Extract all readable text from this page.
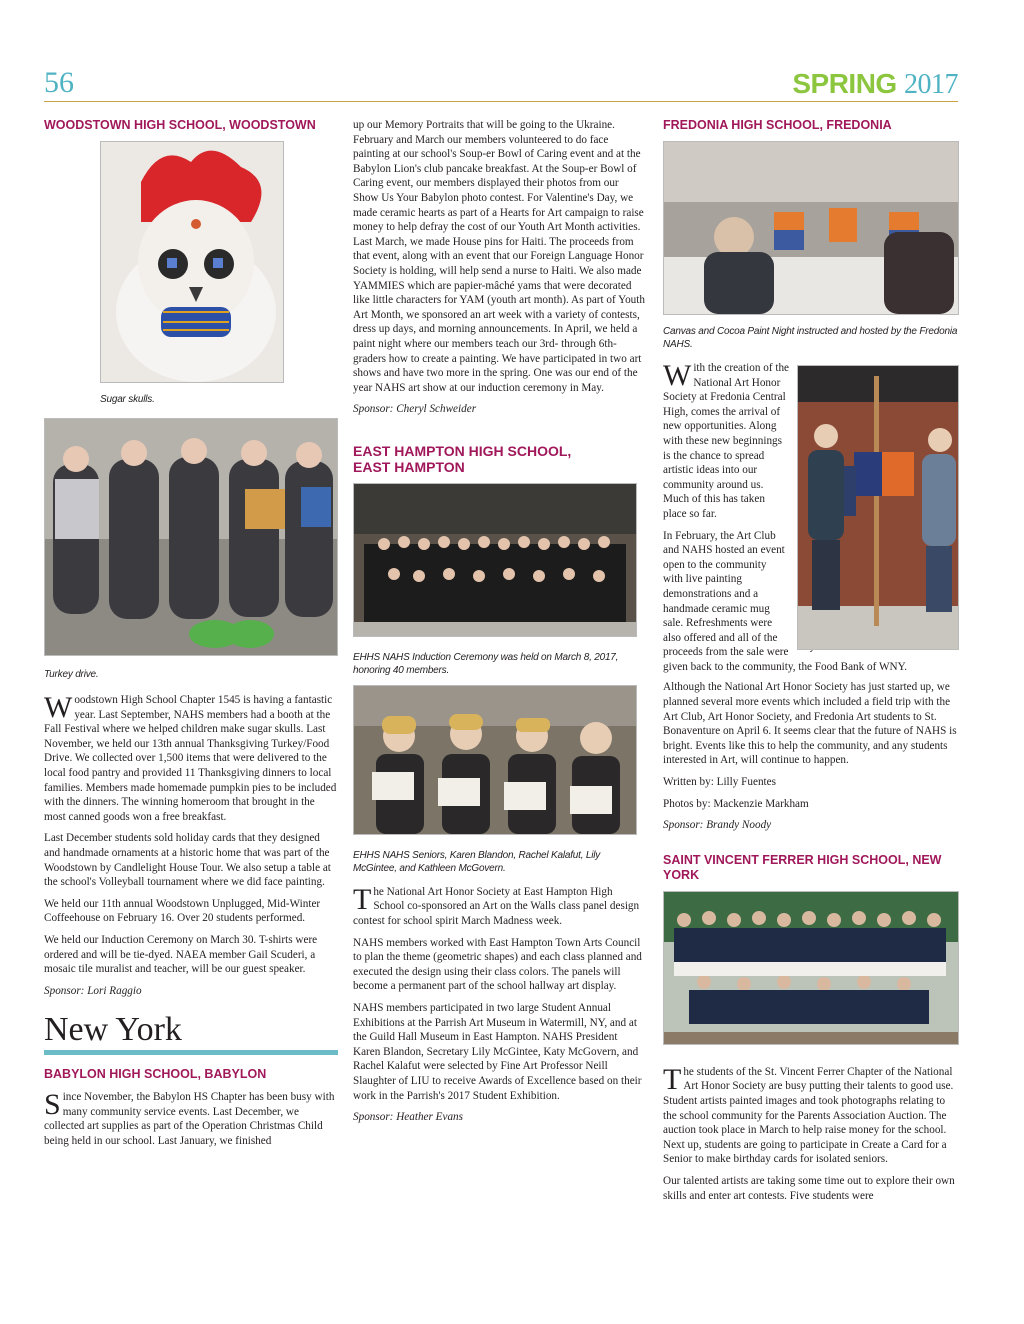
56	SPRING 2017
WOODSTOWN HIGH SCHOOL, WOODSTOWN
Sugar skulls.
Turkey drive.

Woodstown High School Chapter 1545 is having a fantastic year. Last September, NAHS members had a booth at the Fall Festival where we helped children make sugar skulls. Last November, we held our 13th annual Thanksgiving Turkey/Food Drive. We collected over 1,500 items that were delivered to the local food pantry and provided 11 Thanksgiving dinners to local families. Members made homemade pumpkin pies to be included with the dinners. The winning homeroom that brought in the most canned goods won a free breakfast.

Last December students sold holiday cards that they designed and handmade ornaments at a historic home that was part of the Woodstown by Candlelight House Tour. We also setup a table at the school's Volleyball tournament where we did face painting.

We held our 11th annual Woodstown Unplugged, Mid-Winter Coffeehouse on February 16. Over 20 students performed.

We held our Induction Ceremony on March 30. T-shirts were ordered and will be tie-dyed. NAEA member Gail Scuderi, a mosaic tile muralist and teacher, will be our guest speaker.

Sponsor: Lori Raggio

New York
BABYLON HIGH SCHOOL, BABYLON

Since November, the Babylon HS Chapter has been busy with many community service events. Last December, we collected art supplies as part of the Operation Christmas Child being held in our school. Last January, we finished

up our Memory Portraits that will be going to the Ukraine. February and March our members volunteered to do face painting at our school's Soup-er Bowl of Caring event and at the Babylon Lion's club pancake breakfast. At the Soup-er Bowl of Caring event, our members displayed their photos from our Show Us Your Babylon photo contest. For Valentine's Day, we made ceramic hearts as part of a Hearts for Art campaign to raise money to help defray the cost of our Youth Art Month activities. Last March, we made House pins for Haiti. The proceeds from that event, along with an event that our Foreign Language Honor Society is holding, will help send a nurse to Haiti. We also made YAMMIES which are papier-mâché yams that were decorated like little characters for YAM (youth art month). As part of Youth Art Month, we sponsored an art week with a variety of contests, dress up days, and morning announcements. In April, we held a paint night where our members teach our 3rd- through 6th-graders how to create a painting. We have participated in two art shows and have two more in the spring. One was our end of the year NAHS art show at our induction ceremony in May.

Sponsor: Cheryl Schweider

EAST HAMPTON HIGH SCHOOL,
EAST HAMPTON
EHHS NAHS Induction Ceremony was held on March 8, 2017, honoring 40 members.
EHHS NAHS Seniors, Karen Blandon, Rachel Kalafut, Lily McGintee, and Kathleen McGovern.

The National Art Honor Society at East Hampton High School co-sponsored an Art on the Walls class panel design contest for school spirit March Madness week.

NAHS members worked with East Hampton Town Arts Council to plan the theme (geometric shapes) and each class planned and executed the design using their class colors. The panels will become a permanent part of the school hallway art display.

NAHS members participated in two large Student Annual Exhibitions at the Parrish Art Museum in Watermill, NY, and at the Guild Hall Museum in East Hampton. NAHS President Karen Blandon, Secretary Lily McGintee, Katy McGovern, and Rachel Kalafut were selected by Fine Art Professor Neill Slaughter of LIU to receive Awards of Excellence based on their work in the Parrish's 2017 Student Exhibition.

Sponsor: Heather Evans

FREDONIA HIGH SCHOOL, FREDONIA
Canvas and Cocoa Paint Night instructed and hosted by the Fredonia NAHS.

With the creation of the National Art Honor Society at Fredonia Central High, comes the arrival of new opportunities. Along with these new beginnings is the chance to spread artistic ideas into our community around us. Much of this has taken place so far.

In February, the Art Club and NAHS hosted an event open to the community with live painting demonstrations and a handmade ceramic mug sale. Refreshments were also offered and all of the proceeds from the sale were given back to the community, the Food Bank of WNY.

Although the National Art Honor Society has just started up, we planned several more events which included a field trip with the Art Club, Art Honor Society, and Fredonia Art students to St. Bonaventure on April 6. It seems clear that the future of NAHS is bright. Events like this to help the community, and any students interested in Art, will continue to happen.

Written by: Lilly Fuentes

Photos by: Mackenzie Markham

Sponsor: Brandy Noody

SAINT VINCENT FERRER HIGH SCHOOL, NEW YORK

The students of the St. Vincent Ferrer Chapter of the National Art Honor Society are busy putting their talents to good use. Student artists painted images and took photographs relating to the school community for the Parents Association Auction. The auction took place in March to help raise money for the school. Next up, students are going to participate in Create a Card for a Senior to make birthday cards for isolated seniors.

Our talented artists are taking some time out to explore their own skills and enter art contests. Five students were
